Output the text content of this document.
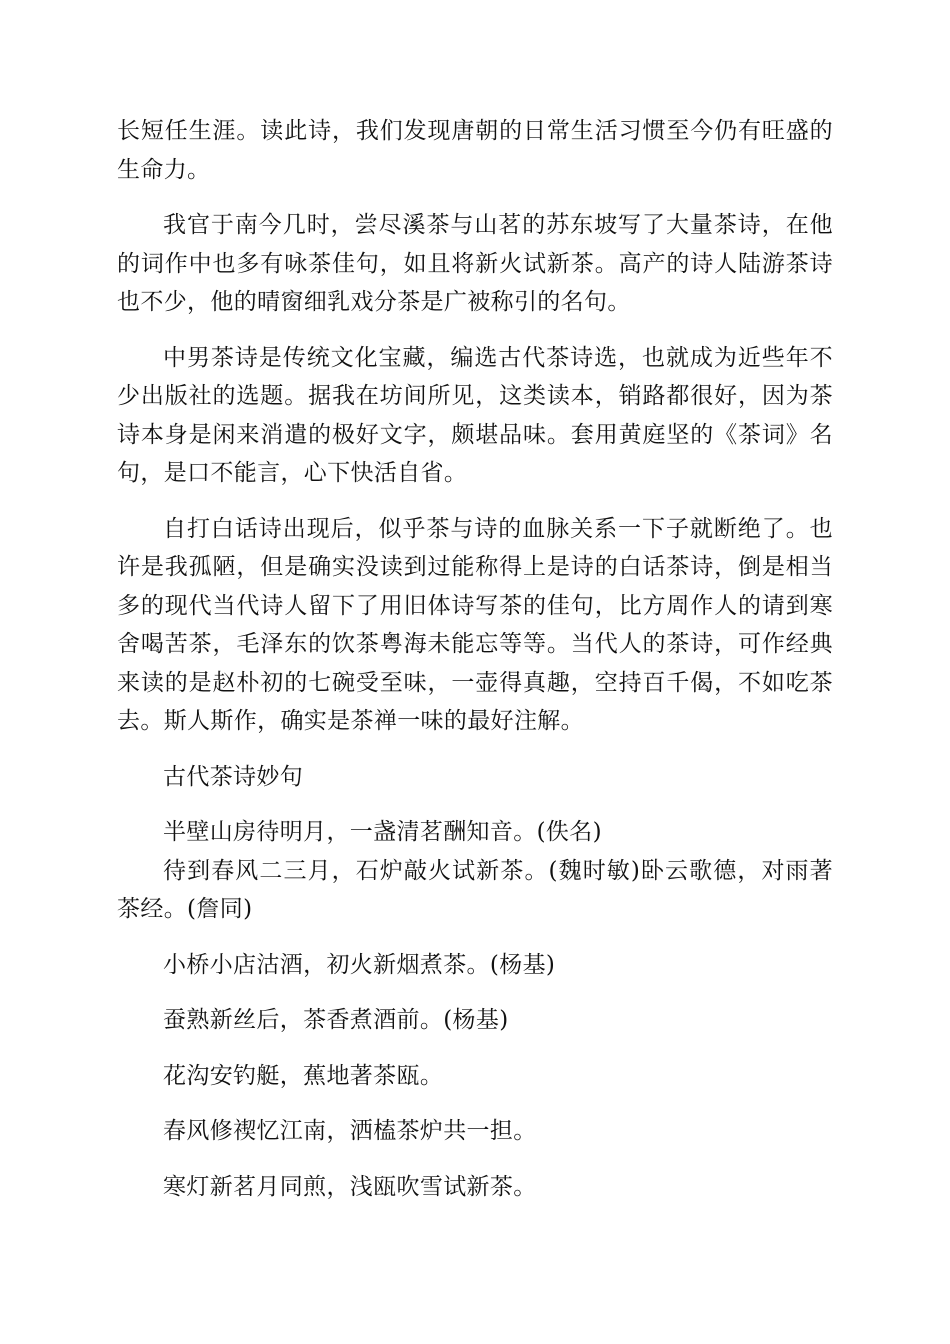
长短任生涯。读此诗，我们发现唐朝的日常生活习惯至今仍有旺盛的生命力。

我官于南今几时，尝尽溪茶与山茗的苏东坡写了大量茶诗，在他的词作中也多有咏茶佳句，如且将新火试新茶。高产的诗人陆游茶诗也不少，他的晴窗细乳戏分茶是广被称引的名句。

中男茶诗是传统文化宝藏，编选古代茶诗选，也就成为近些年不少出版社的选题。据我在坊间所见，这类读本，销路都很好，因为茶诗本身是闲来消遣的极好文字，颇堪品味。套用黄庭坚的《茶词》名句，是口不能言，心下快活自省。

自打白话诗出现后，似乎茶与诗的血脉关系一下子就断绝了。也许是我孤陋，但是确实没读到过能称得上是诗的白话茶诗，倒是相当多的现代当代诗人留下了用旧体诗写茶的佳句，比方周作人的请到寒舍喝苦茶，毛泽东的饮茶粤海未能忘等等。当代人的茶诗，可作经典来读的是赵朴初的七碗受至味，一壶得真趣，空持百千偈，不如吃茶去。斯人斯作，确实是茶禅一味的最好注解。

古代茶诗妙句

半壁山房待明月，一盏清茗酬知音。(佚名)

待到春风二三月，石炉敲火试新茶。(魏时敏)卧云歌德，对雨著茶经。(詹同)

小桥小店沽酒，初火新烟煮茶。(杨基)

蚕熟新丝后，茶香煮酒前。(杨基)

花沟安钓艇，蕉地著茶瓯。

春风修禊忆江南，洒榼茶炉共一担。

寒灯新茗月同煎，浅瓯吹雪试新茶。
